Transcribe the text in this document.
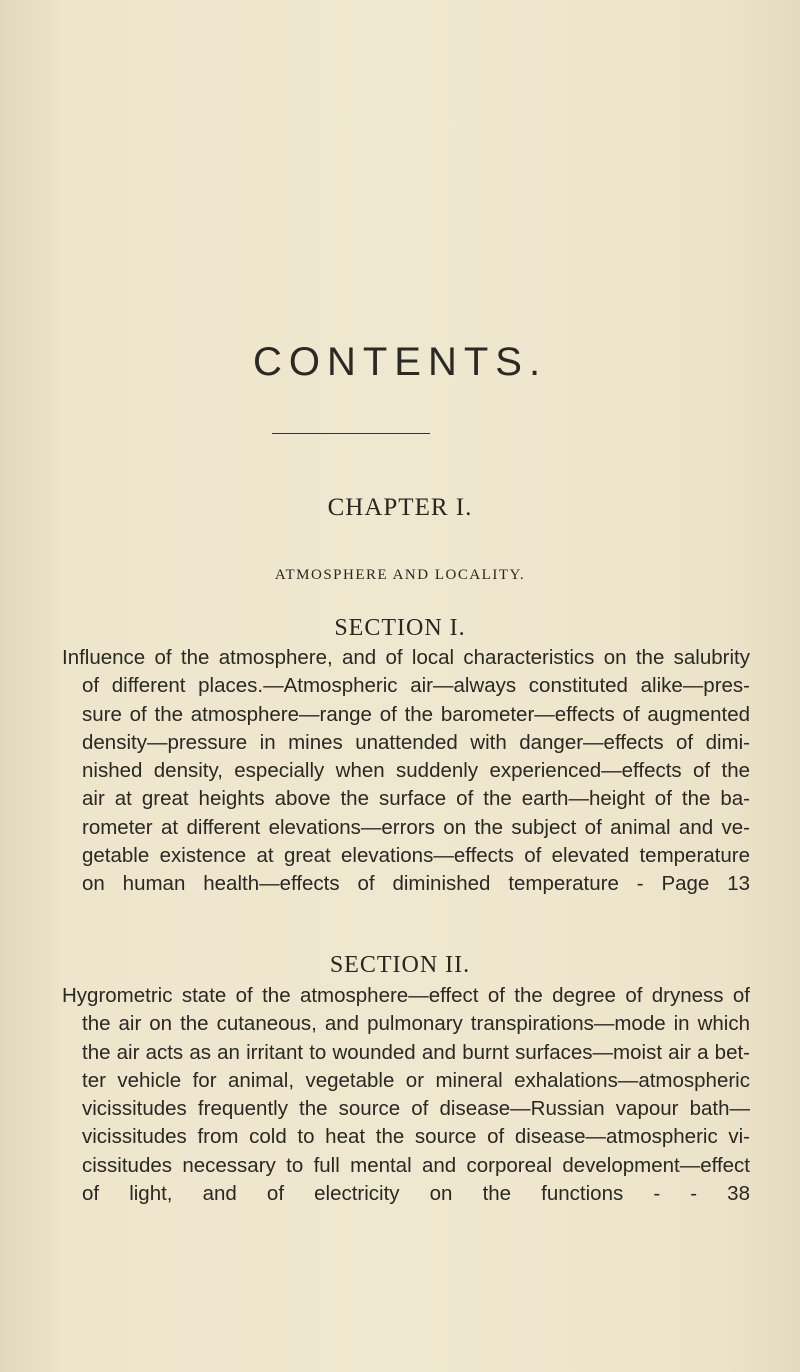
CONTENTS.
CHAPTER I.
ATMOSPHERE AND LOCALITY.
SECTION I.
Influence of the atmosphere, and of local characteristics on the salubrity
of different places.—Atmospheric air—always constituted alike—pres-
sure of the atmosphere—range of the barometer—effects of augmented
density—pressure in mines unattended with danger—effects of dimi-
nished density, especially when suddenly experienced—effects of the
air at great heights above the surface of the earth—height of the ba-
rometer at different elevations—errors on the subject of animal and ve-
getable existence at great elevations—effects of elevated temperature
on human health—effects of diminished temperature - Page 13
SECTION II.
Hygrometric state of the atmosphere—effect of the degree of dryness of
the air on the cutaneous, and pulmonary transpirations—mode in which
the air acts as an irritant to wounded and burnt surfaces—moist air a bet-
ter vehicle for animal, vegetable or mineral exhalations—atmospheric
vicissitudes frequently the source of disease—Russian vapour bath—
vicissitudes from cold to heat the source of disease—atmospheric vi-
cissitudes necessary to full mental and corporeal development—effect
of light, and of electricity on the functions - - 38
